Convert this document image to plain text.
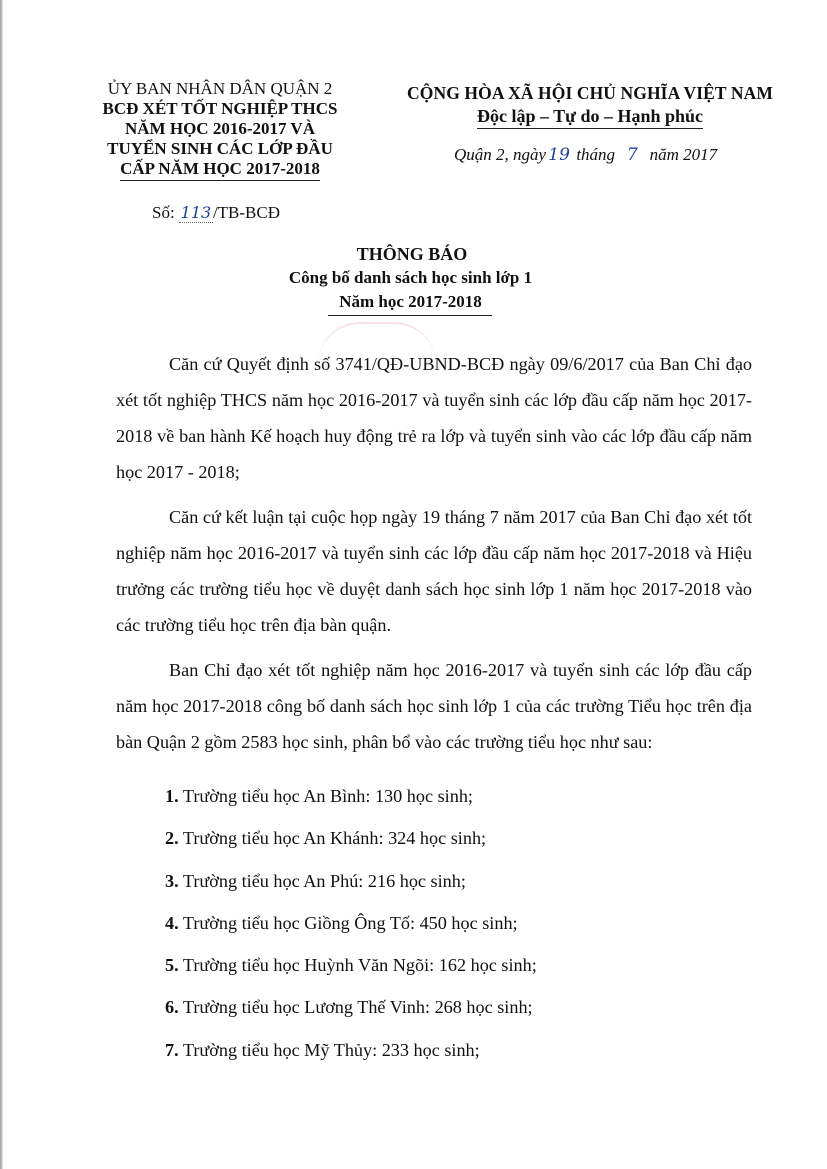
ỦY BAN NHÂN DÂN QUẬN 2
BCĐ XÉT TỐT NGHIỆP THCS
NĂM HỌC 2016-2017 VÀ
TUYỂN SINH CÁC LỚP ĐẦU
CẤP NĂM HỌC 2017-2018
Số: 113 /TB-BCĐ
CỘNG HÒA XÃ HỘI CHỦ NGHĨA VIỆT NAM
Độc lập – Tự do – Hạnh phúc
Quận 2, ngày 19 tháng 7 năm 2017
THÔNG BÁO
Công bố danh sách học sinh lớp 1
Năm học 2017-2018

Căn cứ Quyết định số 3741/QĐ-UBND-BCĐ ngày 09/6/2017 của Ban Chỉ đạo xét tốt nghiệp THCS năm học 2016-2017 và tuyển sinh các lớp đầu cấp năm học 2017-2018 về ban hành Kế hoạch huy động trẻ ra lớp và tuyển sinh vào các lớp đầu cấp năm học 2017 - 2018;

Căn cứ kết luận tại cuộc họp ngày 19 tháng 7 năm 2017 của Ban Chỉ đạo xét tốt nghiệp năm học 2016-2017 và tuyển sinh các lớp đầu cấp năm học 2017-2018 và Hiệu trưởng các trường tiểu học về duyệt danh sách học sinh lớp 1 năm học 2017-2018 vào các trường tiểu học trên địa bàn quận.

Ban Chỉ đạo xét tốt nghiệp năm học 2016-2017 và tuyển sinh các lớp đầu cấp năm học 2017-2018 công bố danh sách học sinh lớp 1 của các trường Tiểu học trên địa bàn Quận 2 gồm 2583 học sinh, phân bổ vào các trường tiểu học như sau:

1. Trường tiểu học An Bình: 130 học sinh;
2. Trường tiểu học An Khánh: 324 học sinh;
3. Trường tiểu học An Phú: 216 học sinh;
4. Trường tiểu học Giồng Ông Tố: 450 học sinh;
5. Trường tiểu học Huỳnh Văn Ngõi: 162 học sinh;
6. Trường tiểu học Lương Thế Vinh: 268 học sinh;
7. Trường tiểu học Mỹ Thủy: 233 học sinh;
